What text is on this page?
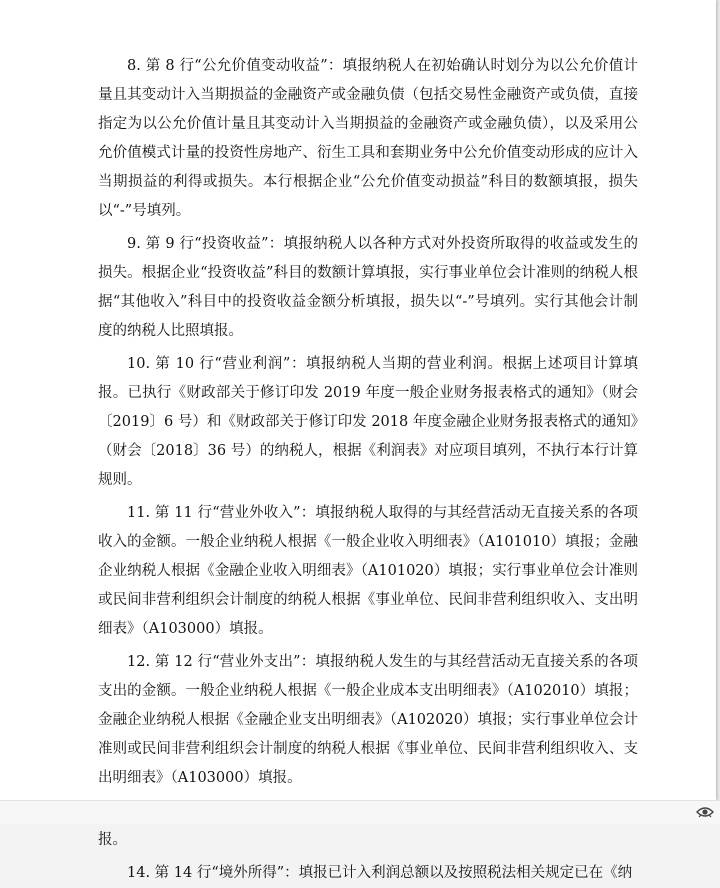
8. 第 8 行“公允价值变动收益”：填报纳税人在初始确认时划分为以公允价值计量且其变动计入当期损益的金融资产或金融负债（包括交易性金融资产或负债，直接指定为以公允价值计量且其变动计入当期损益的金融资产或金融负债），以及采用公允价值模式计量的投资性房地产、衍生工具和套期业务中公允价值变动形成的应计入当期损益的利得或损失。本行根据企业“公允价值变动损益”科目的数额填报，损失以“-”号填列。

9. 第 9 行“投资收益”：填报纳税人以各种方式对外投资所取得的收益或发生的损失。根据企业“投资收益”科目的数额计算填报，实行事业单位会计准则的纳税人根据“其他收入”科目中的投资收益金额分析填报，损失以“-”号填列。实行其他会计制度的纳税人比照填报。

10. 第 10 行“营业利润”：填报纳税人当期的营业利润。根据上述项目计算填报。已执行《财政部关于修订印发 2019 年度一般企业财务报表格式的通知》（财会〔2019〕6 号）和《财政部关于修订印发 2018 年度金融企业财务报表格式的通知》（财会〔2018〕36 号）的纳税人，根据《利润表》对应项目填列，不执行本行计算规则。

11. 第 11 行“营业外收入”：填报纳税人取得的与其经营活动无直接关系的各项收入的金额。一般企业纳税人根据《一般企业收入明细表》（A101010）填报；金融企业纳税人根据《金融企业收入明细表》（A101020）填报；实行事业单位会计准则或民间非营利组织会计制度的纳税人根据《事业单位、民间非营利组织收入、支出明细表》（A103000）填报。

12. 第 12 行“营业外支出”：填报纳税人发生的与其经营活动无直接关系的各项支出的金额。一般企业纳税人根据《一般企业成本支出明细表》（A102010）填报；金融企业纳税人根据《金融企业支出明细表》（A102020）填报；实行事业单位会计准则或民间非营利组织会计制度的纳税人根据《事业单位、民间非营利组织收入、支出明细表》（A103000）填报。

报。

14. 第 14 行“境外所得”：填报已计入利润总额以及按照税法相关规定已在《纳
